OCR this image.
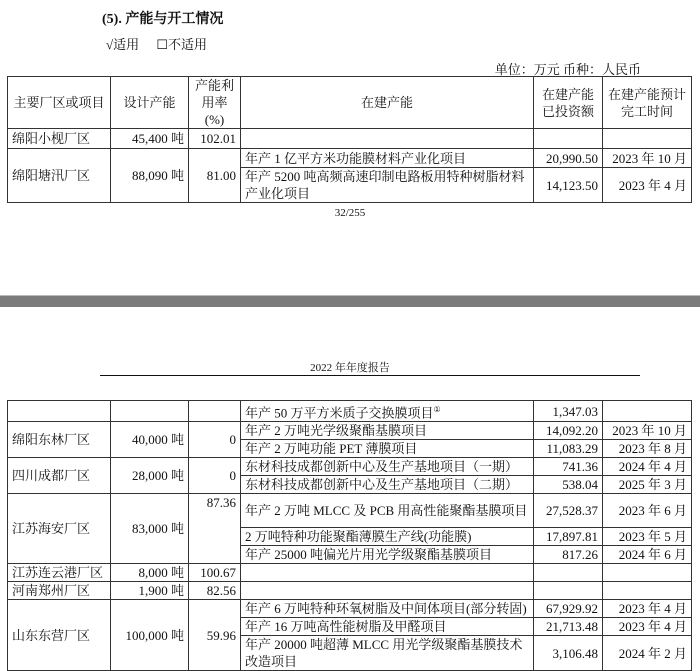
(5). 产能与开工情况
√适用 ☐不适用
单位：万元 币种：人民币
主要厂区或项目	设计产能	产能利用率(%)	在建产能	在建产能已投资额	在建产能预计完工时间
绵阳小枧厂区	45,400 吨	102.01			
绵阳塘汛厂区	88,090 吨	81.00	年产 1 亿平方米功能膜材料产业化项目	20,990.50	2023 年 10 月
			年产 5200 吨高频高速印制电路板用特种树脂材料产业化项目	14,123.50	2023 年 4 月
32/255
2022 年年度报告
			年产 50 万平方米质子交换膜项目①	1,347.03	
绵阳东林厂区	40,000 吨	0	年产 2 万吨光学级聚酯基膜项目	14,092.20	2023 年 10 月
			年产 2 万吨功能 PET 薄膜项目	11,083.29	2023 年 8 月
四川成都厂区	28,000 吨	0	东材科技成都创新中心及生产基地项目（一期）	741.36	2024 年 4 月
			东材科技成都创新中心及生产基地项目（二期）	538.04	2025 年 3 月
江苏海安厂区	83,000 吨	87.36	年产 2 万吨 MLCC 及 PCB 用高性能聚酯基膜项目	27,528.37	2023 年 6 月
			2 万吨特种功能聚酯薄膜生产线(功能膜)	17,897.81	2023 年 5 月
			年产 25000 吨偏光片用光学级聚酯基膜项目	817.26	2024 年 6 月
江苏连云港厂区	8,000 吨	100.67			
河南郑州厂区	1,900 吨	82.56			
山东东营厂区	100,000 吨	59.96	年产 6 万吨特种环氧树脂及中间体项目(部分转固)	67,929.92	2023 年 4 月
			年产 16 万吨高性能树脂及甲醛项目	21,713.48	2023 年 4 月
			年产 20000 吨超薄 MLCC 用光学级聚酯基膜技术改造项目	3,106.48	2024 年 2 月
